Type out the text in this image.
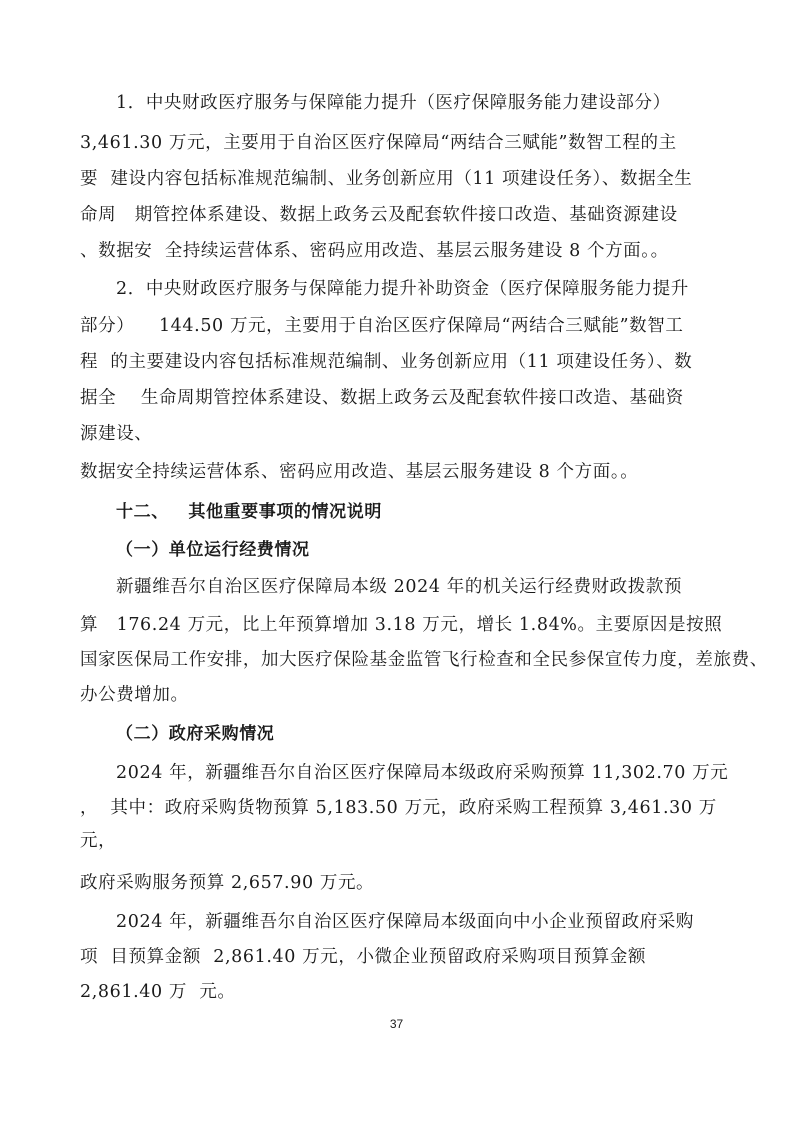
1．中央财政医疗服务与保障能力提升（医疗保障服务能力建设部分）
3,461.30 万元，主要用于自治区医疗保障局“两结合三赋能”数智工程的主
要  建设内容包括标准规范编制、业务创新应用（11 项建设任务）、数据全生
命周   期管控体系建设、数据上政务云及配套软件接口改造、基础资源建设
、数据安  全持续运营体系、密码应用改造、基层云服务建设 8 个方面。。
2．中央财政医疗服务与保障能力提升补助资金（医疗保障服务能力提升
部分）    144.50 万元，主要用于自治区医疗保障局“两结合三赋能”数智工
程  的主要建设内容包括标准规范编制、业务创新应用（11 项建设任务）、数
据全    生命周期管控体系建设、数据上政务云及配套软件接口改造、基础资
源建设、
数据安全持续运营体系、密码应用改造、基层云服务建设 8 个方面。。
十二、   其他重要事项的情况说明
（一）单位运行经费情况
新疆维吾尔自治区医疗保障局本级 2024 年的机关运行经费财政拨款预
算   176.24 万元，比上年预算增加 3.18 万元，增长 1.84%。主要原因是按照
国家医保局工作安排，加大医疗保险基金监管飞行检查和全民参保宣传力度，差旅费、
办公费增加。
（二）政府采购情况
2024 年，新疆维吾尔自治区医疗保障局本级政府采购预算 11,302.70 万元
，  其中：政府采购货物预算 5,183.50 万元，政府采购工程预算 3,461.30 万
元，
政府采购服务预算 2,657.90 万元。
2024 年，新疆维吾尔自治区医疗保障局本级面向中小企业预留政府采购
项  目预算金额  2,861.40 万元，小微企业预留政府采购项目预算金额
2,861.40 万  元。
37
